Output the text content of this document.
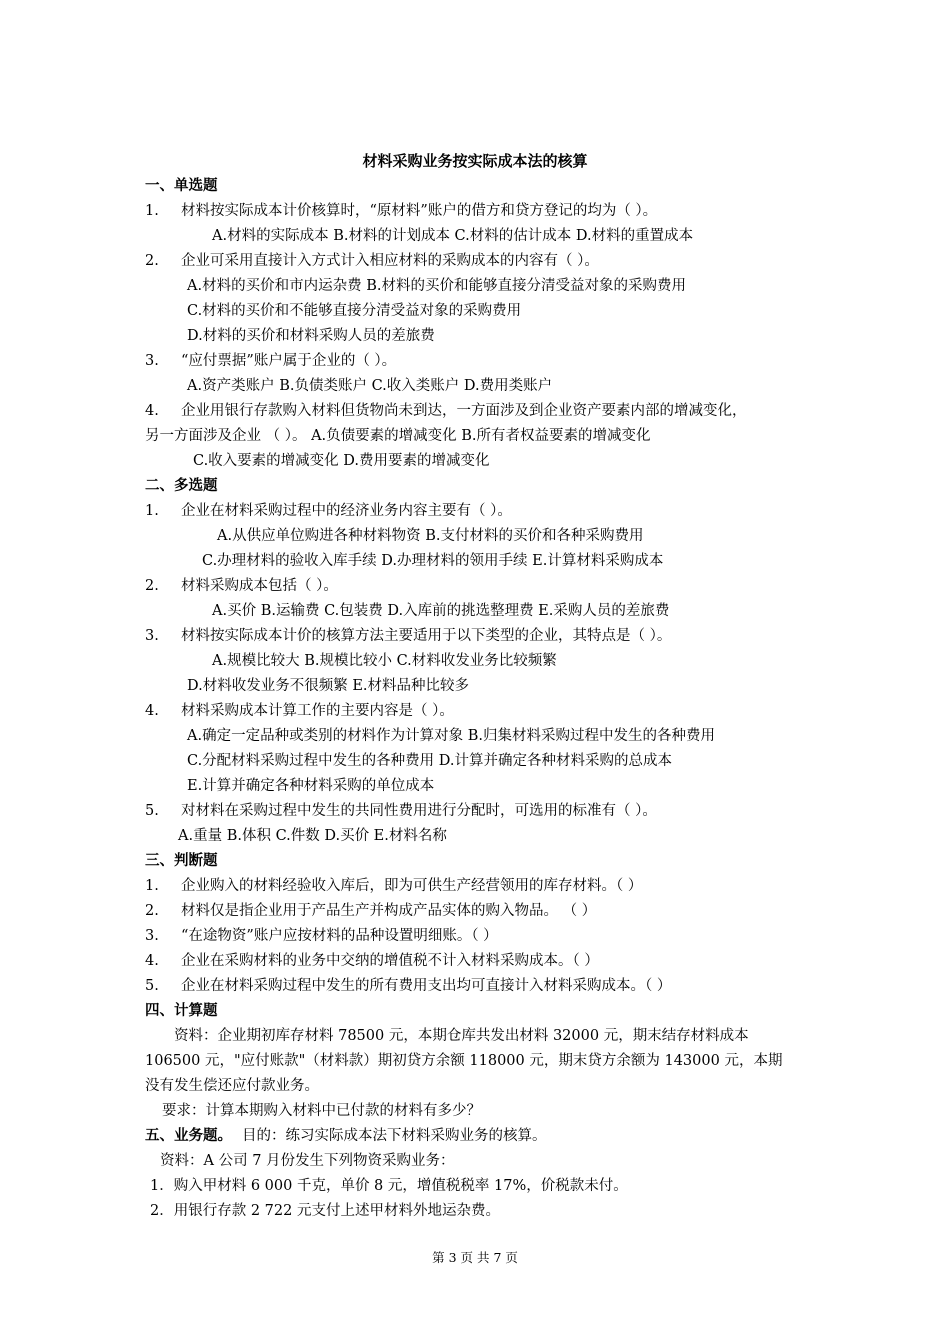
材料采购业务按实际成本法的核算
一、单选题
1. 材料按实际成本计价核算时，“原材料”账户的借方和贷方登记的均为（ ）。
A.材料的实际成本 B.材料的计划成本 C.材料的估计成本 D.材料的重置成本
2. 企业可采用直接计入方式计入相应材料的采购成本的内容有（ ）。
A.材料的买价和市内运杂费 B.材料的买价和能够直接分清受益对象的采购费用
C.材料的买价和不能够直接分清受益对象的采购费用
D.材料的买价和材料采购人员的差旅费
3. “应付票据”账户属于企业的（ ）。
A.资产类账户 B.负债类账户 C.收入类账户 D.费用类账户
4. 企业用银行存款购入材料但货物尚未到达，一方面涉及到企业资产要素内部的增减变化，
另一方面涉及企业 （ ）。 A.负债要素的增减变化 B.所有者权益要素的增减变化
C.收入要素的增减变化 D.费用要素的增减变化
二、多选题
1. 企业在材料采购过程中的经济业务内容主要有（ ）。
A.从供应单位购进各种材料物资 B.支付材料的买价和各种采购费用
C.办理材料的验收入库手续 D.办理材料的领用手续 E.计算材料采购成本
2. 材料采购成本包括（ ）。
A.买价 B.运输费 C.包装费 D.入库前的挑选整理费 E.采购人员的差旅费
3. 材料按实际成本计价的核算方法主要适用于以下类型的企业，其特点是（ ）。
A.规模比较大 B.规模比较小 C.材料收发业务比较频繁
D.材料收发业务不很频繁 E.材料品种比较多
4. 材料采购成本计算工作的主要内容是（ ）。
A.确定一定品种或类别的材料作为计算对象 B.归集材料采购过程中发生的各种费用
C.分配材料采购过程中发生的各种费用 D.计算并确定各种材料采购的总成本
E.计算并确定各种材料采购的单位成本
5. 对材料在采购过程中发生的共同性费用进行分配时，可选用的标准有（ ）。
A.重量 B.体积 C.件数 D.买价 E.材料名称
三、判断题
1. 企业购入的材料经验收入库后，即为可供生产经营领用的库存材料。（ ）
2. 材料仅是指企业用于产品生产并构成产品实体的购入物品。 （ ）
3. “在途物资”账户应按材料的品种设置明细账。（ ）
4. 企业在采购材料的业务中交纳的增值税不计入材料采购成本。（ ）
5. 企业在材料采购过程中发生的所有费用支出均可直接计入材料采购成本。（ ）
四、计算题
资料：企业期初库存材料 78500 元，本期仓库共发出材料 32000 元，期末结存材料成本
106500 元，"应付账款"（材料款）期初贷方余额 118000 元，期末贷方余额为 143000 元，本期
没有发生偿还应付款业务。
要求：计算本期购入材料中已付款的材料有多少？
五、业务题。 目的：练习实际成本法下材料采购业务的核算。
资料：A 公司 7 月份发生下列物资采购业务：
1．购入甲材料 6 000 千克，单价 8 元，增值税税率 17%，价税款未付。
2．用银行存款 2 722 元支付上述甲材料外地运杂费。
第 3 页 共 7 页
